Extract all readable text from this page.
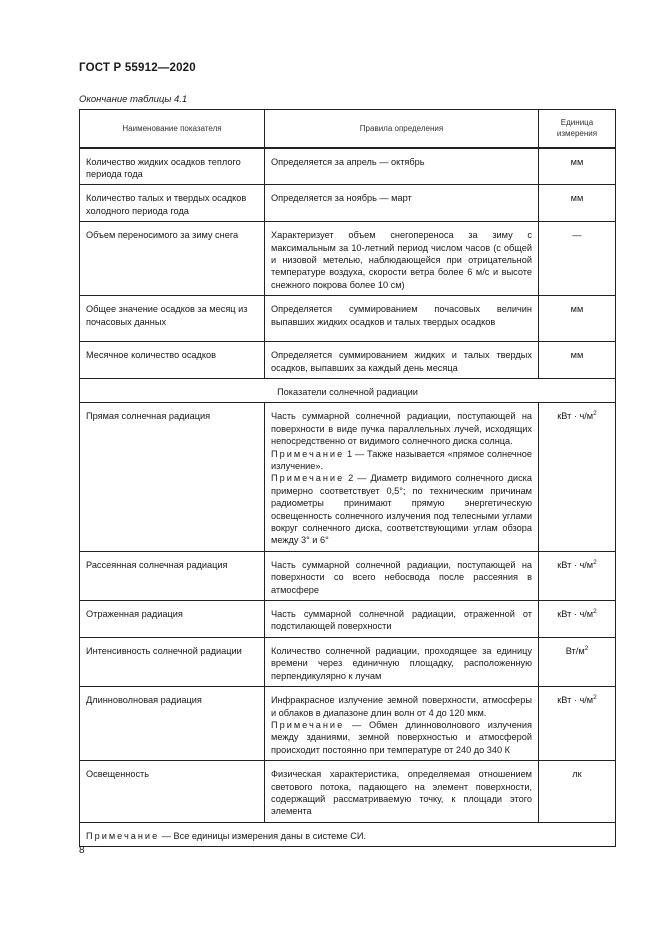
ГОСТ Р 55912—2020
Окончание таблицы 4.1
Наименование показателя	Правила определения	Единица измерения
Количество жидких осадков теплого периода года	Определяется за апрель — октябрь	мм
Количество талых и твердых осадков холодного периода года	Определяется за ноябрь — март	мм
Объем переносимого за зиму снега	Характеризует объем снегопереноса за зиму с максимальным за 10-летний период числом часов (с общей и низовой метелью, наблюдающейся при отрицательной температуре воздуха, скорости ветра более 6 м/с и высоте снежного покрова более 10 см)	—
Общее значение осадков за месяц из почасовых данных	Определяется суммированием почасовых величин выпавших жидких осадков и талых твердых осадков	мм
Месячное количество осадков	Определяется суммированием жидких и талых твердых осадков, выпавших за каждый день месяца	мм
Показатели солнечной радиации		
Прямая солнечная радиация	Часть суммарной солнечной радиации, поступающей на поверхности в виде пучка параллельных лучей, исходящих непосредственно от видимого солнечного диска солнца.
Примечание 1 — Также называется «прямое солнечное излучение».
Примечание 2 — Диаметр видимого солнечного диска примерно соответствует 0,5°; по техническим причинам радиометры принимают прямую энергетическую освещенность солнечного излучения под телесными углами вокруг солнечного диска, соответствующими углам обзора между 3° и 6°	кВт · $ч/м^2$
Рассеянная солнечная радиация	Часть суммарной солнечной радиации, поступающей на поверхности со всего небосвода после рассеяния в атмосфере	кВт · $ч/м^2$
Отраженная радиация	Часть суммарной солнечной радиации, отраженной от подстилающей поверхности	кВт · $ч/м^2$
Интенсивность солнечной радиации	Количество солнечной радиации, проходящее за единицу времени через единичную площадку, расположенную перпендикулярно к лучам	$Вт/м^2$
Длинноволновая радиация	Инфракрасное излучение земной поверхности, атмосферы и облаков в диапазоне длин волн от 4 до 120 мкм.
Примечание — Обмен длинноволнового излучения между зданиями, земной поверхностью и атмосферой происходит постоянно при температуре от 240 до 340 К	кВт · $ч/м^2$
Освещенность	Физическая характеристика, определяемая отношением светового потока, падающего на элемент поверхности, содержащий рассматриваемую точку, к площади этого элемента	лк
Примечание — Все единицы измерения даны в системе СИ.		
8
